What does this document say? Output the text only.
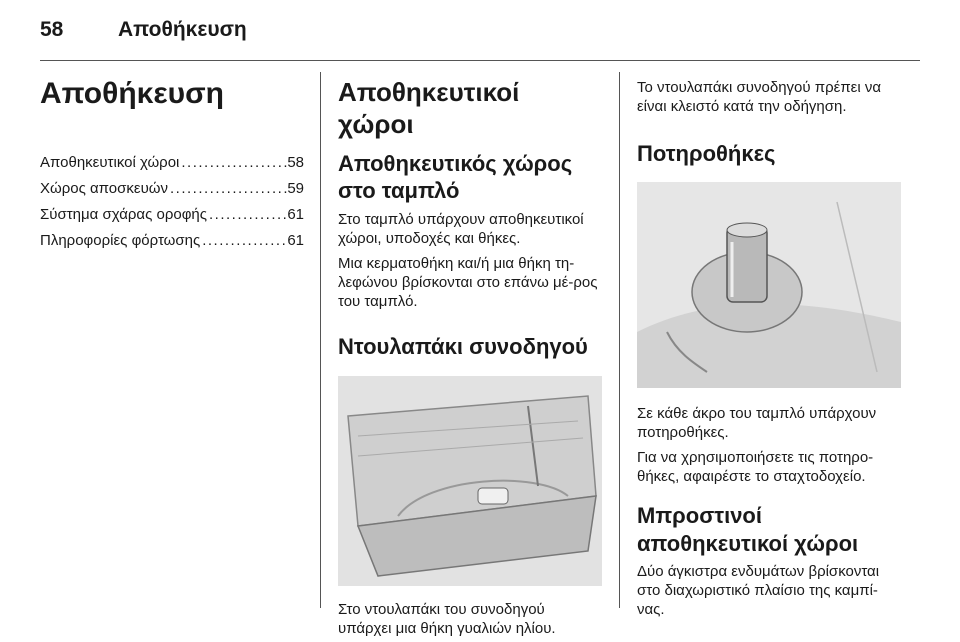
58	Αποθήκευση
Αποθήκευση
Αποθηκευτικοί χώροι .....	58
Χώρος αποσκευών .....	59
Σύστημα σχάρας οροφής .....	61
Πληροφορίες φόρτωσης .....	61
Αποθηκευτικοί χώροι
Αποθηκευτικός χώρος στο ταμπλό

Στο ταμπλό υπάρχουν αποθηκευτικοί χώροι, υποδοχές και θήκες.

Μια κερματοθήκη και/ή μια θήκη τη-λεφώνου βρίσκονται στο επάνω μέ-ρος του ταμπλό.

Ντουλαπάκι συνοδηγού

Στο ντουλαπάκι του συνοδηγού υπάρχει μια θήκη γυαλιών ηλίου.

Το ντουλαπάκι συνοδηγού πρέπει να είναι κλειστό κατά την οδήγηση.

Ποτηροθήκες

Σε κάθε άκρο του ταμπλό υπάρχουν ποτηροθήκες.

Για να χρησιμοποιήσετε τις ποτηρο-θήκες, αφαιρέστε το σταχτοδοχείο.

Μπροστινοί αποθηκευτικοί χώροι

Δύο άγκιστρα ενδυμάτων βρίσκονται στο διαχωριστικό πλαίσιο της καμπί-νας.
